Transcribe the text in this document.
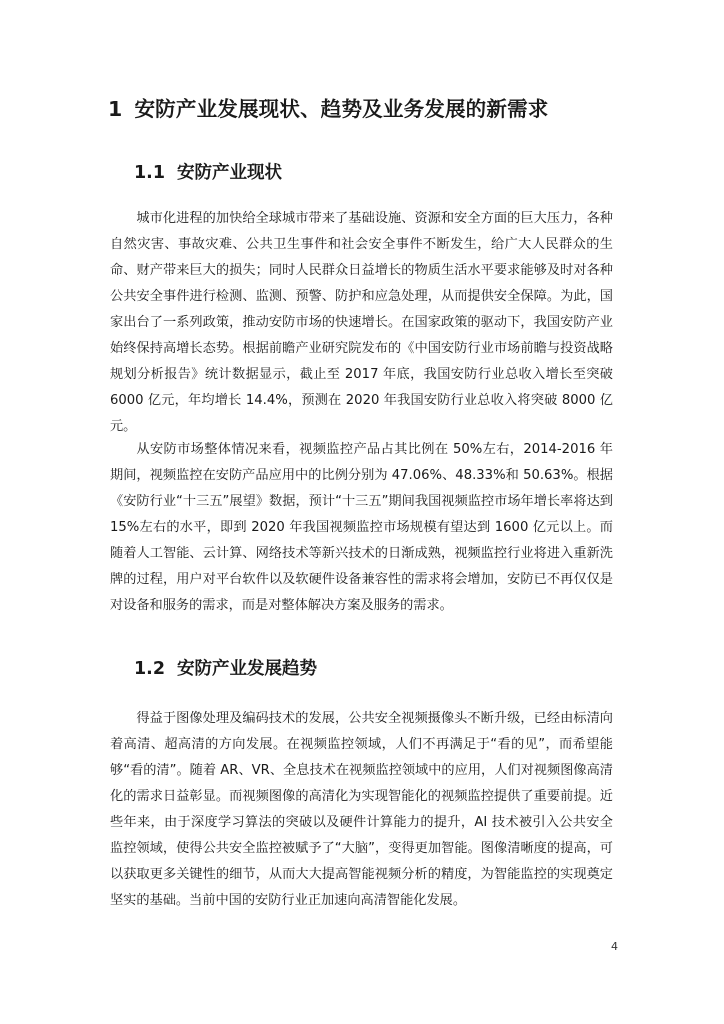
1 安防产业发展现状、趋势及业务发展的新需求
1.1 安防产业现状

城市化进程的加快给全球城市带来了基础设施、资源和安全方面的巨大压力，各种自然灾害、事故灾难、公共卫生事件和社会安全事件不断发生，给广大人民群众的生命、财产带来巨大的损失；同时人民群众日益增长的物质生活水平要求能够及时对各种公共安全事件进行检测、监测、预警、防护和应急处理，从而提供安全保障。为此，国家出台了一系列政策，推动安防市场的快速增长。在国家政策的驱动下，我国安防产业始终保持高增长态势。根据前瞻产业研究院发布的《中国安防行业市场前瞻与投资战略规划分析报告》统计数据显示，截止至 2017 年底，我国安防行业总收入增长至突破 6000 亿元，年均增长 14.4%，预测在 2020 年我国安防行业总收入将突破 8000 亿元。

从安防市场整体情况来看，视频监控产品占其比例在 50%左右，2014-2016 年期间，视频监控在安防产品应用中的比例分别为 47.06%、48.33%和 50.63%。根据《安防行业“十三五”展望》数据，预计“十三五”期间我国视频监控市场年增长率将达到 15%左右的水平，即到 2020 年我国视频监控市场规模有望达到 1600 亿元以上。而随着人工智能、云计算、网络技术等新兴技术的日渐成熟，视频监控行业将进入重新洗牌的过程，用户对平台软件以及软硬件设备兼容性的需求将会增加，安防已不再仅仅是对设备和服务的需求，而是对整体解决方案及服务的需求。

1.2 安防产业发展趋势

得益于图像处理及编码技术的发展，公共安全视频摄像头不断升级，已经由标清向着高清、超高清的方向发展。在视频监控领域，人们不再满足于“看的见”，而希望能够“看的清”。随着 AR、VR、全息技术在视频监控领域中的应用，人们对视频图像高清化的需求日益彰显。而视频图像的高清化为实现智能化的视频监控提供了重要前提。近些年来，由于深度学习算法的突破以及硬件计算能力的提升，AI 技术被引入公共安全监控领域，使得公共安全监控被赋予了“大脑”，变得更加智能。图像清晰度的提高，可以获取更多关键性的细节，从而大大提高智能视频分析的精度，为智能监控的实现奠定坚实的基础。当前中国的安防行业正加速向高清智能化发展。

4
